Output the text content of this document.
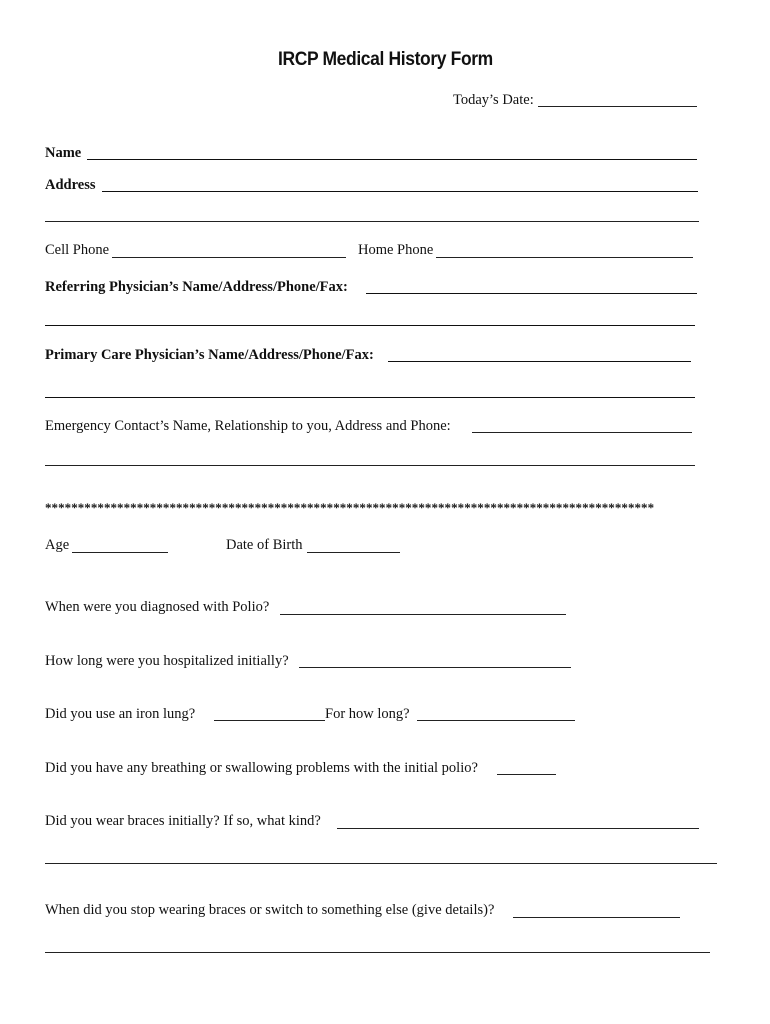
IRCP Medical History Form
Today’s Date:
Name
Address
Cell Phone	Home Phone
Referring Physician’s Name/Address/Phone/Fax:
Primary Care Physician’s Name/Address/Phone/Fax:
Emergency Contact’s Name, Relationship to you, Address and Phone:
*********************************************************************************************
Age	Date of Birth
When were you diagnosed with Polio?
How long were you hospitalized initially?
Did you use an iron lung?	For how long?
Did you have any breathing or swallowing problems with the initial polio?
Did you wear braces initially? If so, what kind?
When did you stop wearing braces or switch to something else (give details)?
